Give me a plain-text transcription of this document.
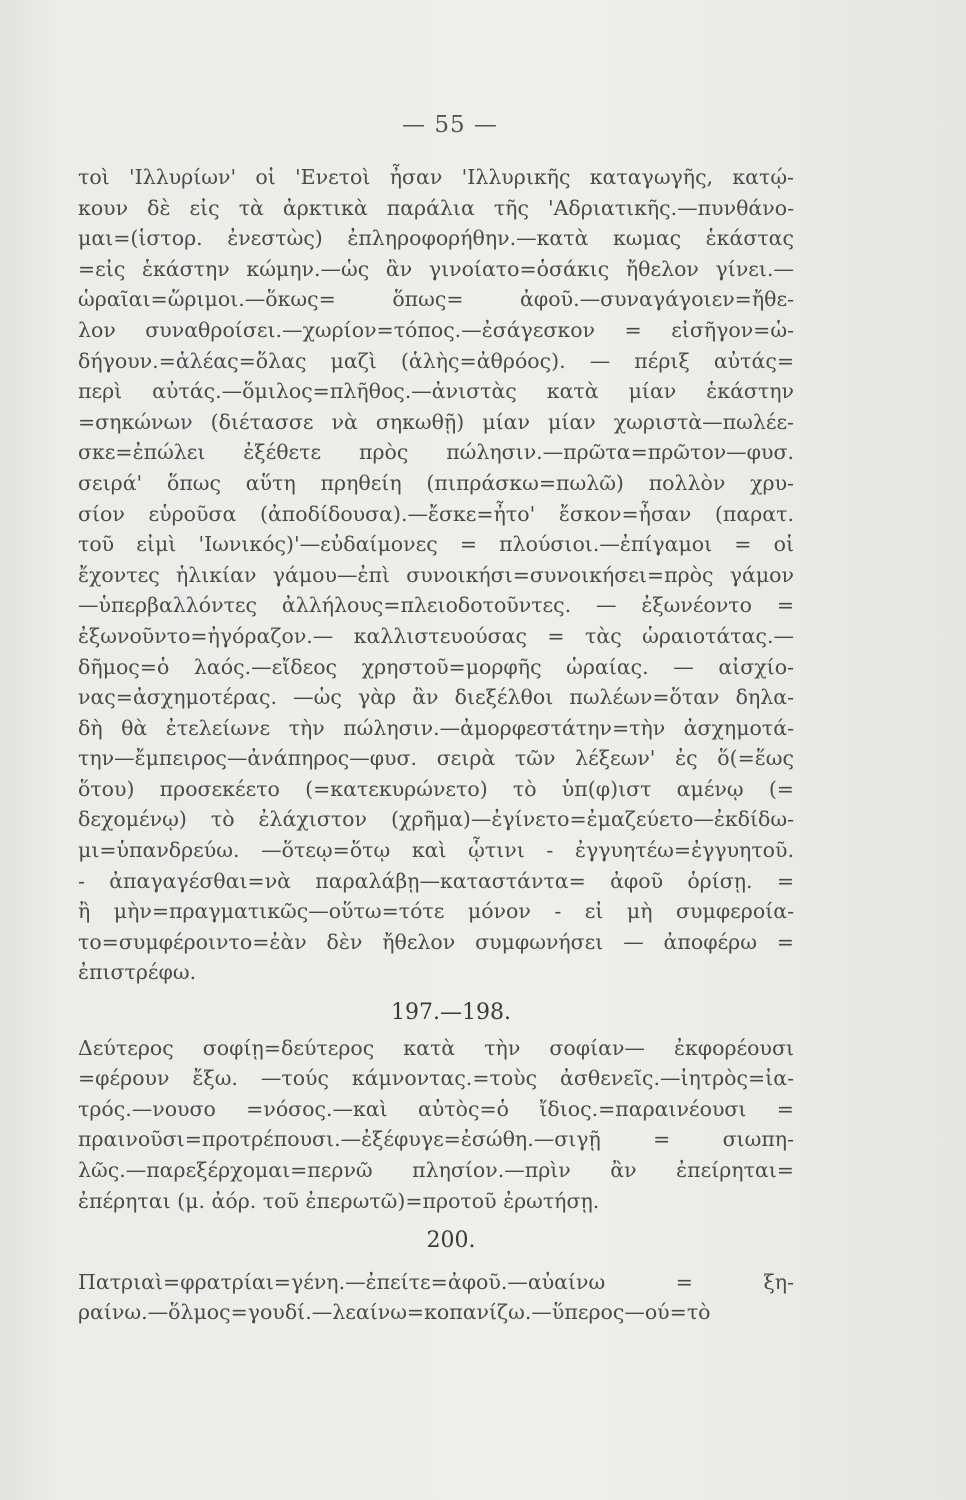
— 55 —
τοὶ 'Ιλλυρίων' οἱ 'Ενετοὶ ἦσαν 'Ιλλυρικῆς καταγωγῆς, κατῴ-
κουν δὲ εἰς τὰ ἀρκτικὰ παράλια τῆς 'Αδριατικῆς.—πυνθάνο-
μαι=(ἱστορ. ἐνεστὼς) ἐπληροφορήθην.—κατὰ κωμας ἑκάστας
=εἰς ἑκάστην κώμην.—ὡς ἂν γινοίατο=ὁσάκις ἤθελον γίνει.—
ὡραῖαι=ὥριμοι.—ὅκως= ὅπως= ἀφοῦ.—συναγάγοιεν=ἤθε-
λον συναθροίσει.—χωρίον=τόπος.—ἐσάγεσκον = εἰσῆγον=ὡ-
δήγουν.=ἁλέας=ὅλας μαζὶ (ἁλὴς=ἀθρόος). — πέριξ αὐτάς=
περὶ αὐτάς.—ὅμιλος=πλῆθος.—ἀνιστὰς κατὰ μίαν ἑκάστην
=σηκώνων (διέτασσε νὰ σηκωθῇ) μίαν μίαν χωριστὰ—πωλέε-
σκε=ἐπώλει ἐξέθετε πρὸς πώλησιν.—πρῶτα=πρῶτον—φυσ.
σειρά' ὅπως αὕτη πρηθείη (πιπράσκω=πωλῶ) πολλὸν χρυ-
σίον εὑροῦσα (ἀποδίδουσα).—ἔσκε=ἦτο' ἔσκον=ἦσαν (παρατ.
τοῦ εἰμὶ 'Ιωνικός)'—εὐδαίμονες = πλούσιοι.—ἐπίγαμοι = οἱ
ἔχοντες ἡλικίαν γάμου—ἐπὶ συνοικήσι=συνοικήσει=πρὸς γάμον
—ὑπερβαλλόντες ἀλλήλους=πλειοδοτοῦντες. — ἐξωνέοντο =
ἐξωνοῦντο=ἠγόραζον.— καλλιστευούσας = τὰς ὡραιοτάτας.—
δῆμος=ὁ λαός.—εἴδεος χρηστοῦ=μορφῆς ὡραίας. — αἰσχίο-
νας=ἀσχημοτέρας. —ὡς γὰρ ἂν διεξέλθοι πωλέων=ὅταν δηλα-
δὴ θὰ ἐτελείωνε τὴν πώλησιν.—ἀμορφεστάτην=τὴν ἀσχημοτά-
την—ἔμπειρος—ἀνάπηρος—φυσ. σειρὰ τῶν λέξεων' ἐς ὅ(=ἕως
ὅτου) προσεκέετο (=κατεκυρώνετο) τὸ ὑπ(φ)ιστ αμένῳ (=
δεχομένῳ) τὸ ἐλάχιστον (χρῆμα)—ἐγίνετο=ἐμαζεύετο—ἐκδίδω-
μι=ὑπανδρεύω. —ὅτεῳ=ὅτῳ καὶ ᾧτινι - ἐγγυητέω=ἐγγυητοῦ.
- ἀπαγαγέσθαι=νὰ παραλάβῃ—καταστάντα= ἀφοῦ ὁρίσῃ. =
ἢ μὴν=πραγματικῶς—οὕτω=τότε μόνον - εἰ μὴ συμφεροία-
το=συμφέροιντο=ἐὰν δὲν ἤθελον συμφωνήσει — ἀποφέρω =
ἐπιστρέφω.
197.—198.
Δεύτερος σοφίῃ=δεύτερος κατὰ τὴν σοφίαν— ἐκφορέουσι
=φέρουν ἔξω. —τούς κάμνοντας.=τοὺς ἀσθενεῖς.—ἰητρὸς=ἰα-
τρός.—νουσο =νόσος.—καὶ αὐτὸς=ὁ ἴδιος.=παραινέουσι =
πραινοῦσι=προτρέπουσι.—ἐξέφυγε=ἐσώθη.—σιγῇ = σιωπη-
λῶς.—παρεξέρχομαι=περνῶ πλησίον.—πρὶν ἂν ἐπείρηται=
ἐπέρηται (μ. ἀόρ. τοῦ ἐπερωτῶ)=προτοῦ ἐρωτήσῃ.
200.
Πατριαὶ=φρατρίαι=γένη.—ἐπείτε=ἀφοῦ.—αὐαίνω = ξη-
ραίνω.—ὅλμος=γουδί.—λεαίνω=κοπανίζω.—ὕπερος—ού=τὸ
